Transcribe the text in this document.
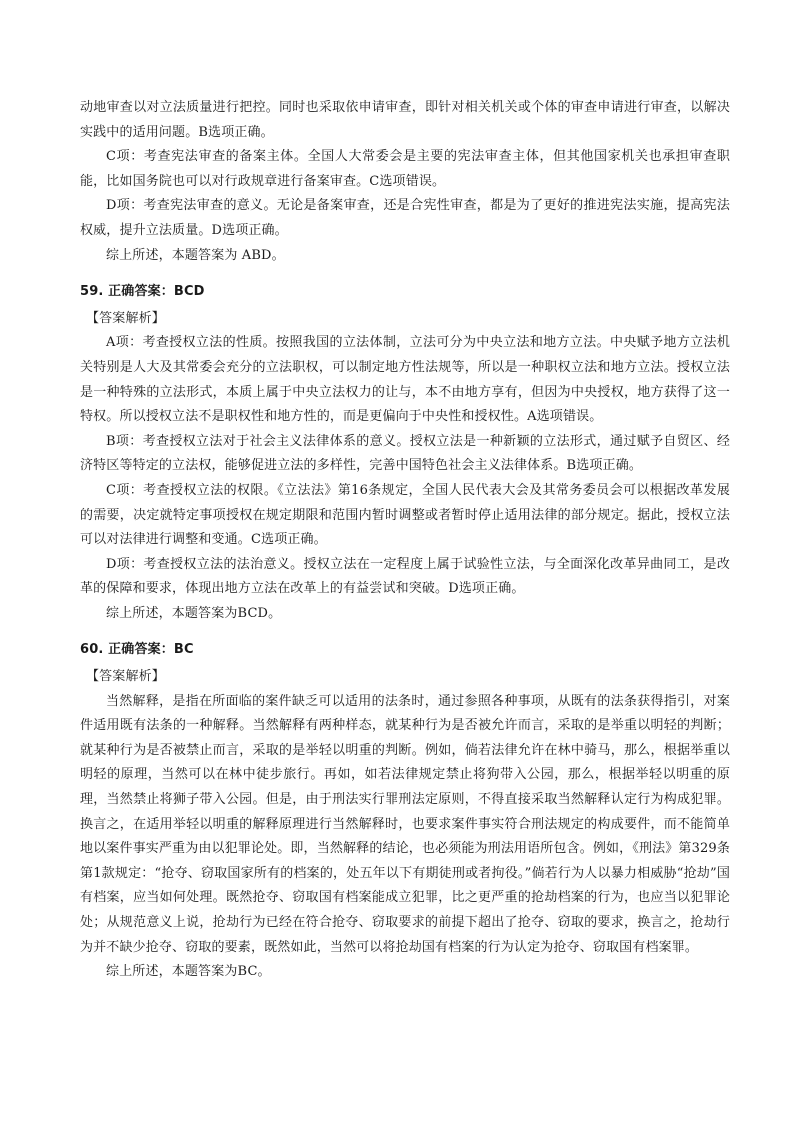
动地审查以对立法质量进行把控。同时也采取依申请审查，即针对相关机关或个体的审查申请进行审查，以解决实践中的适用问题。B选项正确。

C项：考查宪法审查的备案主体。全国人大常委会是主要的宪法审查主体，但其他国家机关也承担审查职能，比如国务院也可以对行政规章进行备案审查。C选项错误。

D项：考查宪法审查的意义。无论是备案审查，还是合宪性审查，都是为了更好的推进宪法实施，提高宪法权威，提升立法质量。D选项正确。

综上所述，本题答案为 ABD。

59. 正确答案：BCD

【答案解析】

A项：考查授权立法的性质。按照我国的立法体制，立法可分为中央立法和地方立法。中央赋予地方立法机关特别是人大及其常委会充分的立法职权，可以制定地方性法规等，所以是一种职权立法和地方立法。授权立法是一种特殊的立法形式，本质上属于中央立法权力的让与，本不由地方享有，但因为中央授权，地方获得了这一特权。所以授权立法不是职权性和地方性的，而是更偏向于中央性和授权性。A选项错误。

B项：考查授权立法对于社会主义法律体系的意义。授权立法是一种新颖的立法形式，通过赋予自贸区、经济特区等特定的立法权，能够促进立法的多样性，完善中国特色社会主义法律体系。B选项正确。

C项：考查授权立法的权限。《立法法》第16条规定，全国人民代表大会及其常务委员会可以根据改革发展的需要，决定就特定事项授权在规定期限和范围内暂时调整或者暂时停止适用法律的部分规定。据此，授权立法可以对法律进行调整和变通。C选项正确。

D项：考查授权立法的法治意义。授权立法在一定程度上属于试验性立法，与全面深化改革异曲同工，是改革的保障和要求，体现出地方立法在改革上的有益尝试和突破。D选项正确。

综上所述，本题答案为BCD。

60. 正确答案：BC

【答案解析】

当然解释，是指在所面临的案件缺乏可以适用的法条时，通过参照各种事项，从既有的法条获得指引，对案件适用既有法条的一种解释。当然解释有两种样态，就某种行为是否被允许而言，采取的是举重以明轻的判断；就某种行为是否被禁止而言，采取的是举轻以明重的判断。例如，倘若法律允许在林中骑马，那么，根据举重以明轻的原理，当然可以在林中徒步旅行。再如，如若法律规定禁止将狗带入公园，那么，根据举轻以明重的原理，当然禁止将狮子带入公园。但是，由于刑法实行罪刑法定原则，不得直接采取当然解释认定行为构成犯罪。换言之，在适用举轻以明重的解释原理进行当然解释时，也要求案件事实符合刑法规定的构成要件，而不能简单地以案件事实严重为由以犯罪论处。即，当然解释的结论，也必须能为刑法用语所包含。例如，《刑法》第329条第1款规定：“抢夺、窃取国家所有的档案的，处五年以下有期徒刑或者拘役。”倘若行为人以暴力相威胁“抢劫”国有档案，应当如何处理。既然抢夺、窃取国有档案能成立犯罪，比之更严重的抢劫档案的行为，也应当以犯罪论处；从规范意义上说，抢劫行为已经在符合抢夺、窃取要求的前提下超出了抢夺、窃取的要求，换言之，抢劫行为并不缺少抢夺、窃取的要素，既然如此，当然可以将抢劫国有档案的行为认定为抢夺、窃取国有档案罪。

综上所述，本题答案为BC。
